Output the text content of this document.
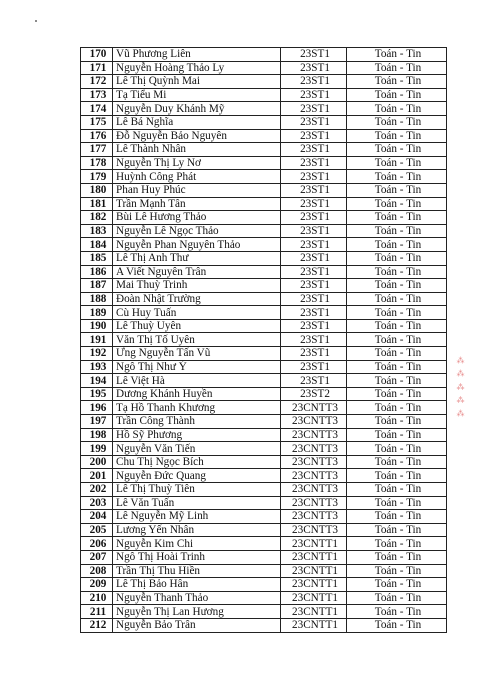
170	Vũ Phương Liên	23ST1	Toán - Tin
171	Nguyễn Hoàng Thảo Ly	23ST1	Toán - Tin
172	Lê Thị Quỳnh Mai	23ST1	Toán - Tin
173	Tạ Tiểu Mi	23ST1	Toán - Tin
174	Nguyễn Duy Khánh Mỹ	23ST1	Toán - Tin
175	Lê Bá Nghĩa	23ST1	Toán - Tin
176	Đỗ Nguyễn Bảo Nguyên	23ST1	Toán - Tin
177	Lê Thành Nhân	23ST1	Toán - Tin
178	Nguyễn Thị Ly Nơ	23ST1	Toán - Tin
179	Huỳnh Công Phát	23ST1	Toán - Tin
180	Phan Huy Phúc	23ST1	Toán - Tin
181	Trần Mạnh Tân	23ST1	Toán - Tin
182	Bùi Lê Hương Thảo	23ST1	Toán - Tin
183	Nguyễn Lê Ngọc Thảo	23ST1	Toán - Tin
184	Nguyễn Phan Nguyên Thảo	23ST1	Toán - Tin
185	Lê Thị Anh Thư	23ST1	Toán - Tin
186	A Viết Nguyên Trân	23ST1	Toán - Tin
187	Mai Thuỳ Trinh	23ST1	Toán - Tin
188	Đoàn Nhật Trường	23ST1	Toán - Tin
189	Cù Huy Tuấn	23ST1	Toán - Tin
190	Lê Thuỳ Uyên	23ST1	Toán - Tin
191	Văn Thị Tố Uyên	23ST1	Toán - Tin
192	Ưng Nguyễn Tấn Vũ	23ST1	Toán - Tin
193	Ngô Thị Như Ý	23ST1	Toán - Tin
194	Lê Việt Hà	23ST1	Toán - Tin
195	Dương Khánh Huyền	23ST2	Toán - Tin
196	Tạ Hồ Thanh Khương	23CNTT3	Toán - Tin
197	Trần Công Thành	23CNTT3	Toán - Tin
198	Hồ Sỹ Phương	23CNTT3	Toán - Tin
199	Nguyễn Văn Tiến	23CNTT3	Toán - Tin
200	Chu Thị Ngọc Bích	23CNTT3	Toán - Tin
201	Nguyễn Đức Quang	23CNTT3	Toán - Tin
202	Lê Thị Thuỳ Tiên	23CNTT3	Toán - Tin
203	Lê Văn Tuấn	23CNTT3	Toán - Tin
204	Lê Nguyễn Mỹ Linh	23CNTT3	Toán - Tin
205	Lương Yến Nhân	23CNTT3	Toán - Tin
206	Nguyễn Kim Chi	23CNTT1	Toán - Tin
207	Ngô Thị Hoài Trinh	23CNTT1	Toán - Tin
208	Trần Thị Thu Hiền	23CNTT1	Toán - Tin
209	Lê Thị Bảo Hân	23CNTT1	Toán - Tin
210	Nguyễn Thanh Thảo	23CNTT1	Toán - Tin
211	Nguyễn Thị Lan Hương	23CNTT1	Toán - Tin
212	Nguyễn Bảo Trân	23CNTT1	Toán - Tin
⁂ ⁂ ⁂ ⁂ ⁂
